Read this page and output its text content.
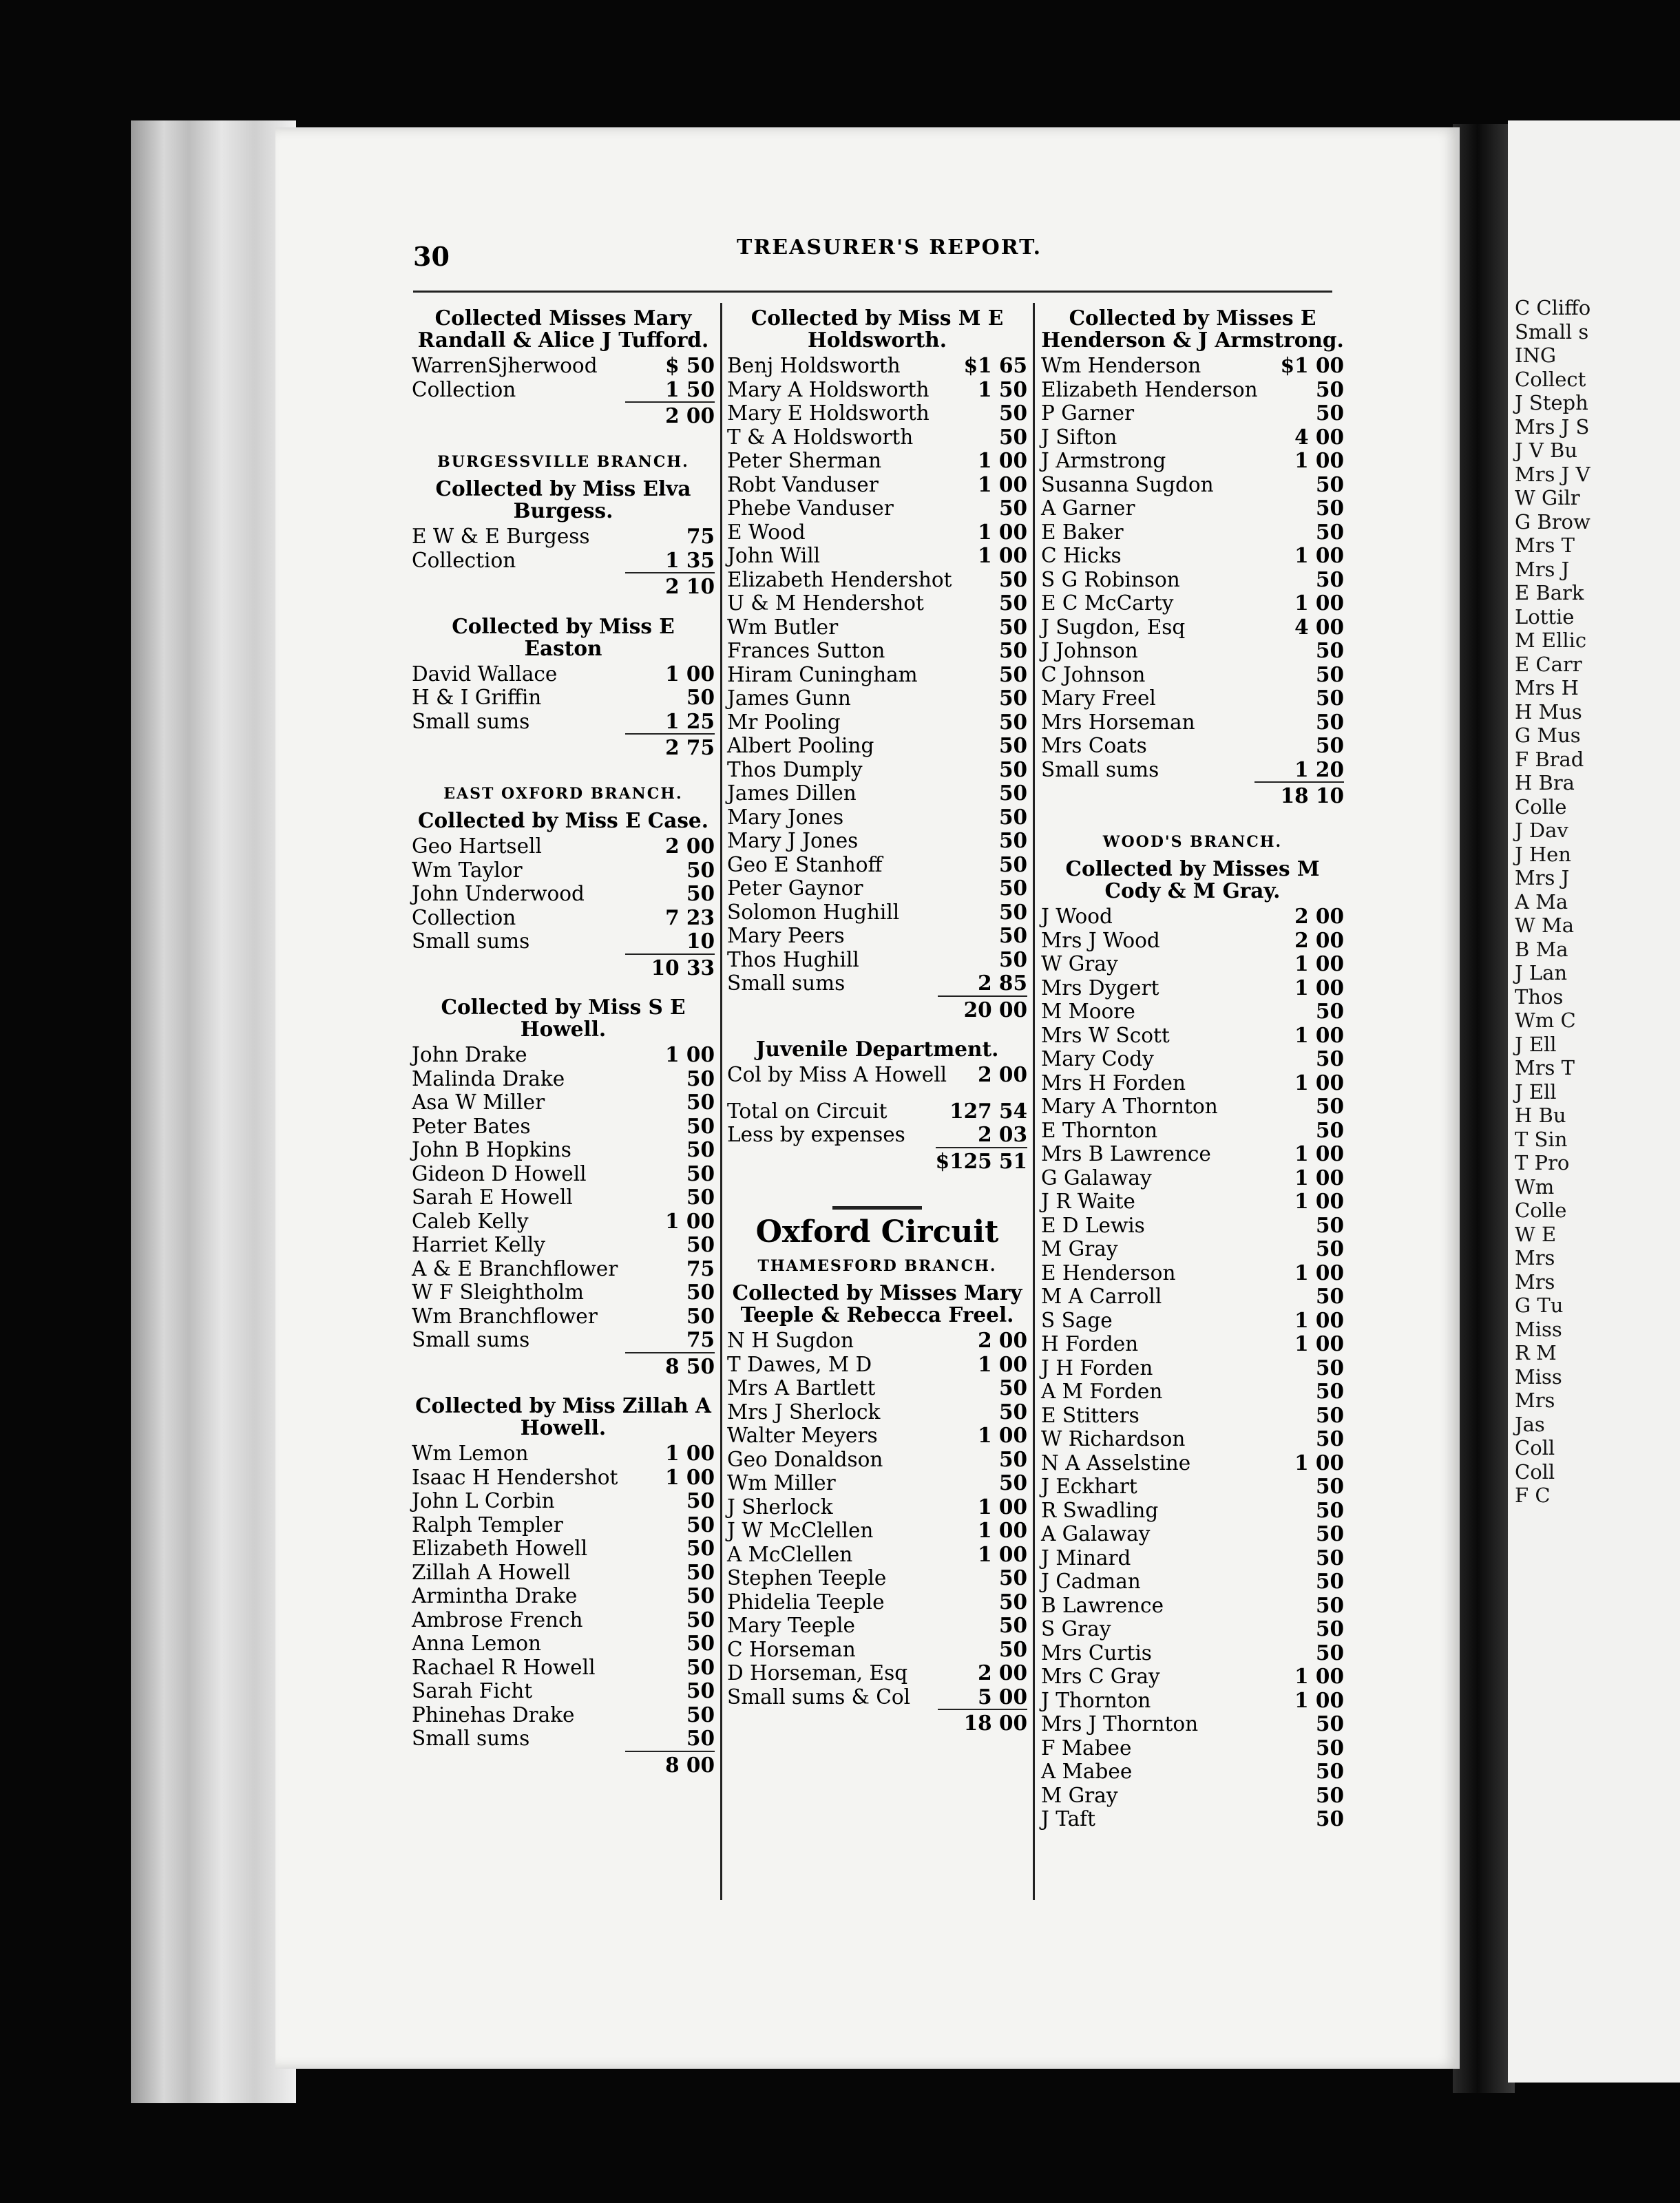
30	TREASURER'S REPORT.
Collected Misses Mary Randall & Alice J Tufford.
WarrenSjherwood	$ 50
Collection	1 50
2 00
BURGESSVILLE BRANCH.
Collected by Miss Elva Burgess.
E W & E Burgess	75
Collection	1 35
2 10
Collected by Miss E Easton
David Wallace	1 00
H & I Griffin	50
Small sums	1 25
2 75
EAST OXFORD BRANCH.
Collected by Miss E Case.
Geo Hartsell	2 00
Wm Taylor	50
John Underwood	50
Collection	7 23
Small sums	10
10 33
Collected by Miss S E Howell.
John Drake	1 00
Malinda Drake	50
Asa W Miller	50
Peter Bates	50
John B Hopkins	50
Gideon D Howell	50
Sarah E Howell	50
Caleb Kelly	1 00
Harriet Kelly	50
A & E Branchflower	75
W F Sleightholm	50
Wm Branchflower	50
Small sums	75
8 50
Collected by Miss Zillah A Howell.
Wm Lemon	1 00
Isaac H Hendershot	1 00
John L Corbin	50
Ralph Templer	50
Elizabeth Howell	50
Zillah A Howell	50
Armintha Drake	50
Ambrose French	50
Anna Lemon	50
Rachael R Howell	50
Sarah Ficht	50
Phinehas Drake	50
Small sums	50
8 00
Collected by Miss M E Holdsworth.
Benj Holdsworth	$1 65
Mary A Holdsworth	1 50
Mary E Holdsworth	50
T & A Holdsworth	50
Peter Sherman	1 00
Robt Vanduser	1 00
Phebe Vanduser	50
E Wood	1 00
John Will	1 00
Elizabeth Hendershot	50
U & M Hendershot	50
Wm Butler	50
Frances Sutton	50
Hiram Cuningham	50
James Gunn	50
Mr Pooling	50
Albert Pooling	50
Thos Dumply	50
James Dillen	50
Mary Jones	50
Mary J Jones	50
Geo E Stanhoff	50
Peter Gaynor	50
Solomon Hughill	50
Mary Peers	50
Thos Hughill	50
Small sums	2 85
20 00
Juvenile Department.
Col by Miss A Howell	2 00
Total on Circuit	127 54
Less by expenses	2 03
$125 51
Oxford Circuit
THAMESFORD BRANCH.
Collected by Misses Mary Teeple & Rebecca Freel.
N H Sugdon	2 00
T Dawes, M D	1 00
Mrs A Bartlett	50
Mrs J Sherlock	50
Walter Meyers	1 00
Geo Donaldson	50
Wm Miller	50
J Sherlock	1 00
J W McClellen	1 00
A McClellen	1 00
Stephen Teeple	50
Phidelia Teeple	50
Mary Teeple	50
C Horseman	50
D Horseman, Esq	2 00
Small sums & Col	5 00
18 00
Collected by Misses E Henderson & J Armstrong.
Wm Henderson	$1 00
Elizabeth Henderson	50
P Garner	50
J Sifton	4 00
J Armstrong	1 00
Susanna Sugdon	50
A Garner	50
E Baker	50
C Hicks	1 00
S G Robinson	50
E C McCarty	1 00
J Sugdon, Esq	4 00
J Johnson	50
C Johnson	50
Mary Freel	50
Mrs Horseman	50
Mrs Coats	50
Small sums	1 20
18 10
WOOD'S BRANCH.
Collected by Misses M Cody & M Gray.
J Wood	2 00
Mrs J Wood	2 00
W Gray	1 00
Mrs Dygert	1 00
M Moore	50
Mrs W Scott	1 00
Mary Cody	50
Mrs H Forden	1 00
Mary A Thornton	50
E Thornton	50
Mrs B Lawrence	1 00
G Galaway	1 00
J R Waite	1 00
E D Lewis	50
M Gray	50
E Henderson	1 00
M A Carroll	50
S Sage	1 00
H Forden	1 00
J H Forden	50
A M Forden	50
E Stitters	50
W Richardson	50
N A Asselstine	1 00
J Eckhart	50
R Swadling	50
A Galaway	50
J Minard	50
J Cadman	50
B Lawrence	50
S Gray	50
Mrs Curtis	50
Mrs C Gray	1 00
J Thornton	1 00
Mrs J Thornton	50
F Mabee	50
A Mabee	50
M Gray	50
J Taft	50
C Cliffo
Small s
ING
Collect
J Steph
Mrs J S
J V Bu
Mrs J V
W Gilr
G Brow
Mrs T
Mrs J
E Bark
Lottie
M Ellic
E Carr
Mrs H
H Mus
G Mus
F Brad
H Bra
Colle
J Dav
J Hen
Mrs J
A Ma
W Ma
B Ma
J Lan
Thos
Wm C
J Ell
Mrs T
J Ell
H Bu
T Sin
T Pro
Wm
Colle
W E
Mrs
Mrs
G Tu
Miss
R M
Miss
Mrs
Jas
Coll
Coll
F C
